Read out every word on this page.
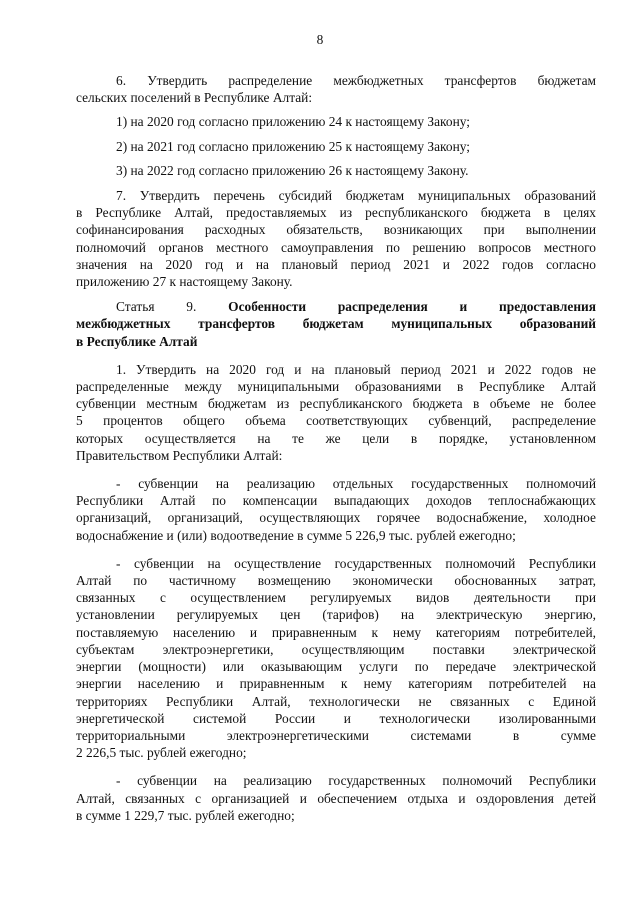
8

6. Утвердить распределение межбюджетных трансфертов бюджетам

сельских поселений в Республике Алтай:

1) на 2020 год согласно приложению 24 к настоящему Закону;

2) на 2021 год согласно приложению 25 к настоящему Закону;

3) на 2022 год согласно приложению 26 к настоящему Закону.

7. Утвердить перечень субсидий бюджетам муниципальных образований

в Республике Алтай, предоставляемых из республиканского бюджета в целях

софинансирования расходных обязательств, возникающих при выполнении

полномочий органов местного самоуправления по решению вопросов местного

значения на 2020 год и на плановый период 2021 и 2022 годов согласно

приложению 27 к настоящему Закону.

Статья 9. Особенности распределения и предоставления

межбюджетных трансфертов бюджетам муниципальных образований

в Республике Алтай

1. Утвердить на 2020 год и на плановый период 2021 и 2022 годов не

распределенные между муниципальными образованиями в Республике Алтай

субвенции местным бюджетам из республиканского бюджета в объеме не более

5 процентов общего объема соответствующих субвенций, распределение

которых осуществляется на те же цели в порядке, установленном

Правительством Республики Алтай:

- субвенции на реализацию отдельных государственных полномочий

Республики Алтай по компенсации выпадающих доходов теплоснабжающих

организаций, организаций, осуществляющих горячее водоснабжение, холодное

водоснабжение и (или) водоотведение в сумме 5 226,9 тыс. рублей ежегодно;

- субвенции на осуществление государственных полномочий Республики

Алтай по частичному возмещению экономически обоснованных затрат,

связанных с осуществлением регулируемых видов деятельности при

установлении регулируемых цен (тарифов) на электрическую энергию,

поставляемую населению и приравненным к нему категориям потребителей,

субъектам электроэнергетики, осуществляющим поставки электрической

энергии (мощности) или оказывающим услуги по передаче электрической

энергии населению и приравненным к нему категориям потребителей на

территориях Республики Алтай, технологически не связанных с Единой

энергетической системой России и технологически изолированными

территориальными электроэнергетическими системами в сумме

2 226,5 тыс. рублей ежегодно;

- субвенции на реализацию государственных полномочий Республики

Алтай, связанных с организацией и обеспечением отдыха и оздоровления детей

в сумме 1 229,7 тыс. рублей ежегодно;
